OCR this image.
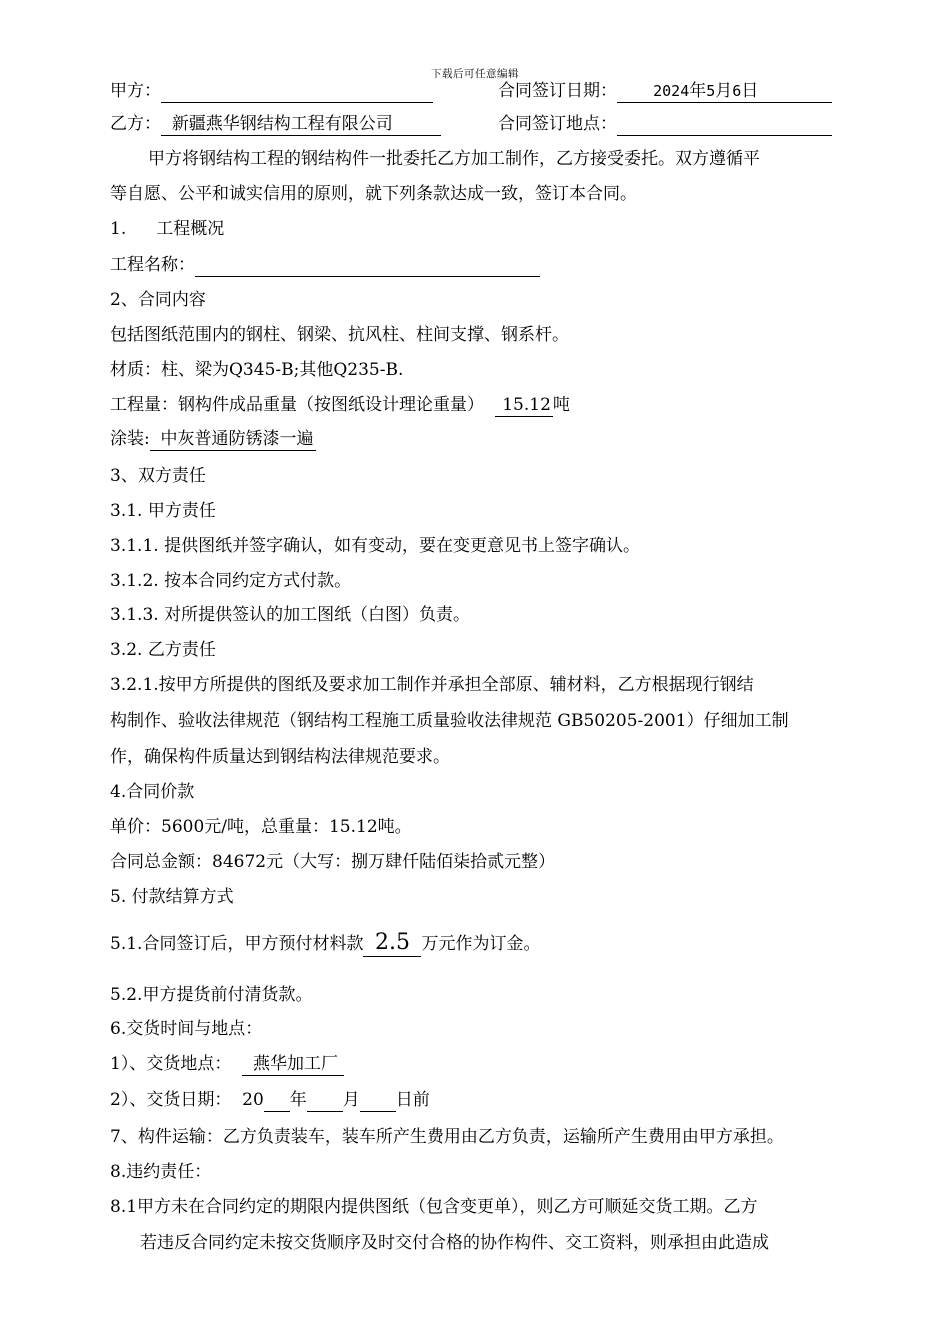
下载后可任意编辑
甲方：	合同签订日期： 2024年5月6日
乙方： 新疆燕华钢结构工程有限公司	合同签订地点：
甲方将钢结构工程的钢结构件一批委托乙方加工制作，乙方接受委托。双方遵循平
等自愿、公平和诚实信用的原则，就下列条款达成一致，签订本合同。
1. 工程概况
工程名称：
2、合同内容
包括图纸范围内的钢柱、钢梁、抗风柱、柱间支撑、钢系杆。
材质：柱、梁为Q345-B;其他Q235-B.
工程量：钢构件成品重量（按图纸设计理论重量） 15.12 吨
涂装: 中灰普通防锈漆一遍
3、双方责任
3.1. 甲方责任
3.1.1. 提供图纸并签字确认，如有变动，要在变更意见书上签字确认。
3.1.2. 按本合同约定方式付款。
3.1.3. 对所提供签认的加工图纸（白图）负责。
3.2. 乙方责任
3.2.1.按甲方所提供的图纸及要求加工制作并承担全部原、辅材料，乙方根据现行钢结
构制作、验收法律规范（钢结构工程施工质量验收法律规范 GB50205-2001）仔细加工制
作，确保构件质量达到钢结构法律规范要求。
4.合同价款
单价：5600元/吨，总重量：15.12吨。
合同总金额：84672元（大写：捌万肆仟陆佰柒拾贰元整）
5. 付款结算方式
5.1.合同签订后，甲方预付材料款 2.5 万元作为订金。
5.2.甲方提货前付清货款。
6.交货时间与地点：
1）、交货地点： 燕华加工厂
2）、交货日期： 20 年 月 日前
7、构件运输：乙方负责装车，装车所产生费用由乙方负责，运输所产生费用由甲方承担。
8.违约责任：
8.1甲方未在合同约定的期限内提供图纸（包含变更单），则乙方可顺延交货工期。乙方
若违反合同约定未按交货顺序及时交付合格的协作构件、交工资料，则承担由此造成
